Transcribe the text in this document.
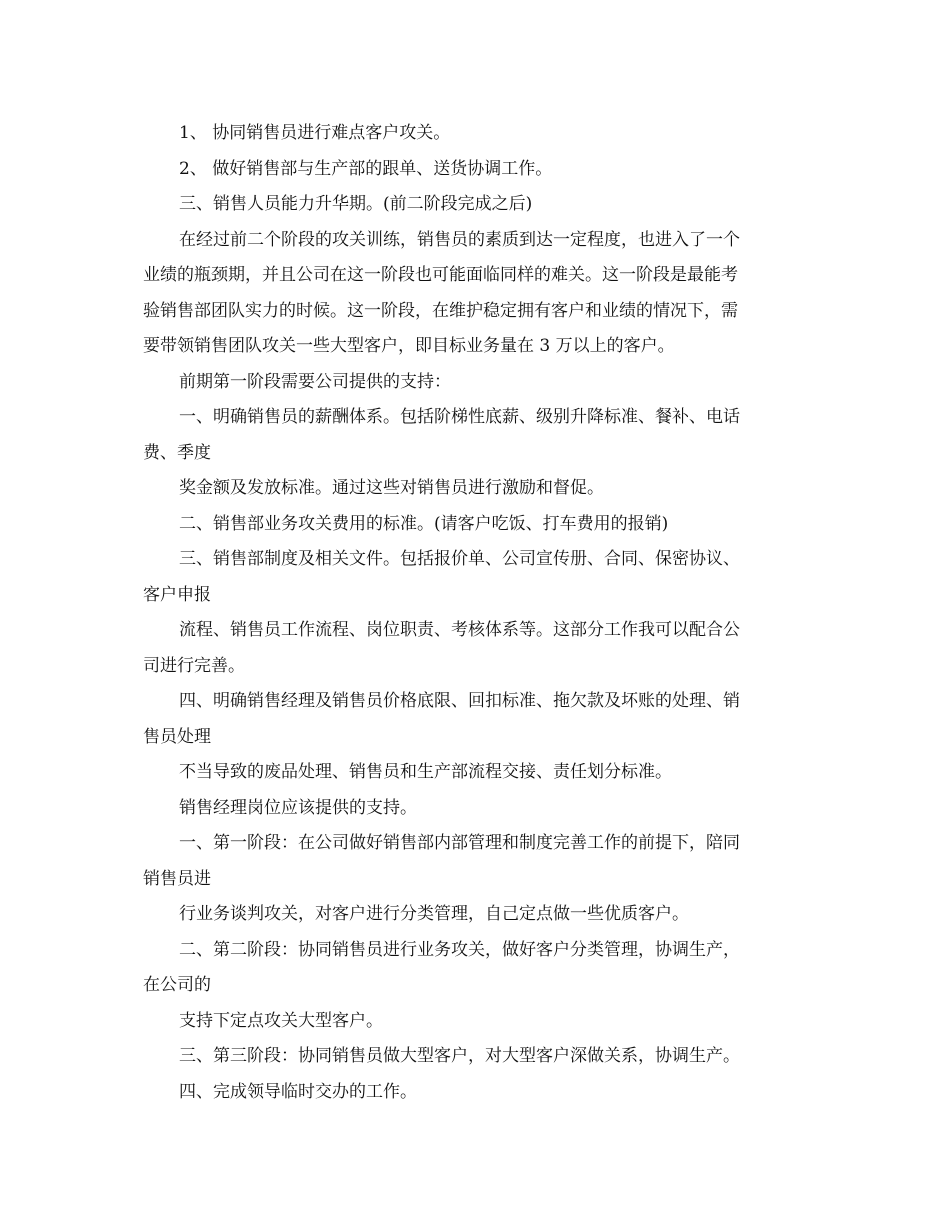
1、 协同销售员进行难点客户攻关。
2、 做好销售部与生产部的跟单、送货协调工作。
三、销售人员能力升华期。(前二阶段完成之后)
在经过前二个阶段的攻关训练，销售员的素质到达一定程度，也进入了一个
业绩的瓶颈期，并且公司在这一阶段也可能面临同样的难关。这一阶段是最能考
验销售部团队实力的时候。这一阶段，在维护稳定拥有客户和业绩的情况下，需
要带领销售团队攻关一些大型客户，即目标业务量在 3 万以上的客户。
前期第一阶段需要公司提供的支持：
一、明确销售员的薪酬体系。包括阶梯性底薪、级别升降标准、餐补、电话
费、季度
奖金额及发放标准。通过这些对销售员进行激励和督促。
二、销售部业务攻关费用的标准。(请客户吃饭、打车费用的报销)
三、销售部制度及相关文件。包括报价单、公司宣传册、合同、保密协议、
客户申报
流程、销售员工作流程、岗位职责、考核体系等。这部分工作我可以配合公
司进行完善。
四、明确销售经理及销售员价格底限、回扣标准、拖欠款及坏账的处理、销
售员处理
不当导致的废品处理、销售员和生产部流程交接、责任划分标准。
销售经理岗位应该提供的支持。
一、第一阶段：在公司做好销售部内部管理和制度完善工作的前提下，陪同
销售员进
行业务谈判攻关，对客户进行分类管理，自己定点做一些优质客户。
二、第二阶段：协同销售员进行业务攻关，做好客户分类管理，协调生产，
在公司的
支持下定点攻关大型客户。
三、第三阶段：协同销售员做大型客户，对大型客户深做关系，协调生产。
四、完成领导临时交办的工作。
